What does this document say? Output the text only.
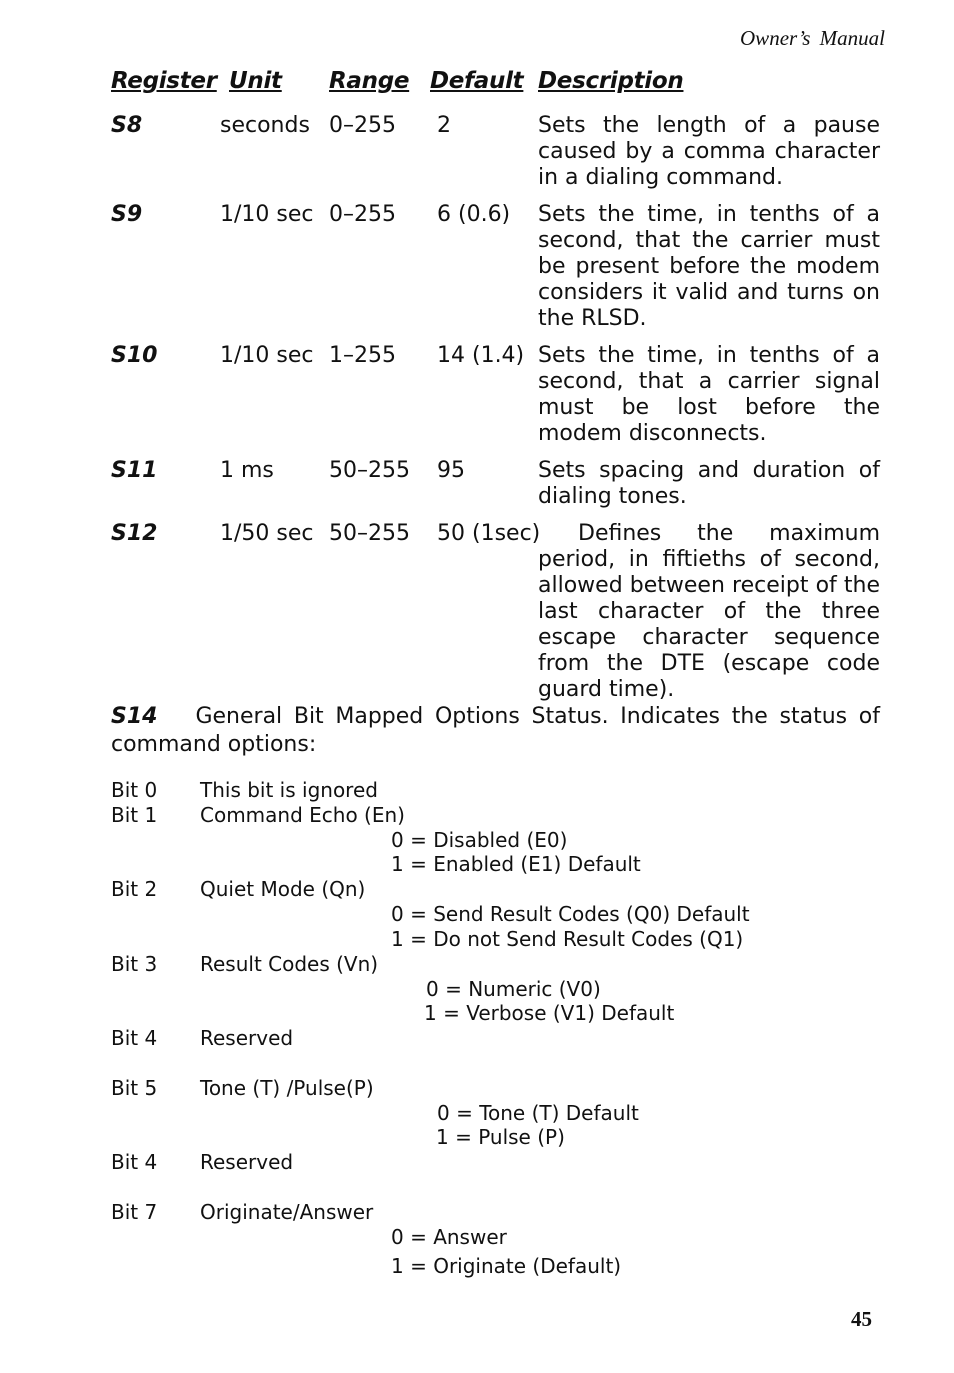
Owner’s Manual
Register Unit Range Default Description
S8	seconds 0–255 2	Sets the length of a pause caused by a comma character in a dialing command.
S9	1/10 sec 0–255 6 (0.6) Sets the time, in tenths of a second, that the carrier must be present before the modem considers it valid and turns on the RLSD.
S10	1/10 sec 1–255 14 (1.4) Sets the time, in tenths of a second, that a carrier signal must be lost before the modem disconnects.
S11	1 ms	50–255 95	Sets spacing and duration of dialing tones.
S12	1/50 sec 50–255 50 (1sec)	Defines the maximum period, in fiftieths of second, allowed between receipt of the last character of the three escape character sequence from the DTE (escape code guard time).
S14 General Bit Mapped Options Status. Indicates the status of command options:
Bit 0 This bit is ignored
Bit 1 Command Echo (En)
0 = Disabled (E0)
1 = Enabled (E1) Default
Bit 2 Quiet Mode (Qn)
0 = Send Result Codes (Q0) Default
1 = Do not Send Result Codes (Q1)
Bit 3 Result Codes (Vn)
0 = Numeric (V0)
1 = Verbose (V1) Default
Bit 4 Reserved
Bit 5 Tone (T) /Pulse(P)
0 = Tone (T) Default
1 = Pulse (P)
Bit 4 Reserved
Bit 7 Originate/Answer
0 = Answer
1 = Originate (Default)
45
